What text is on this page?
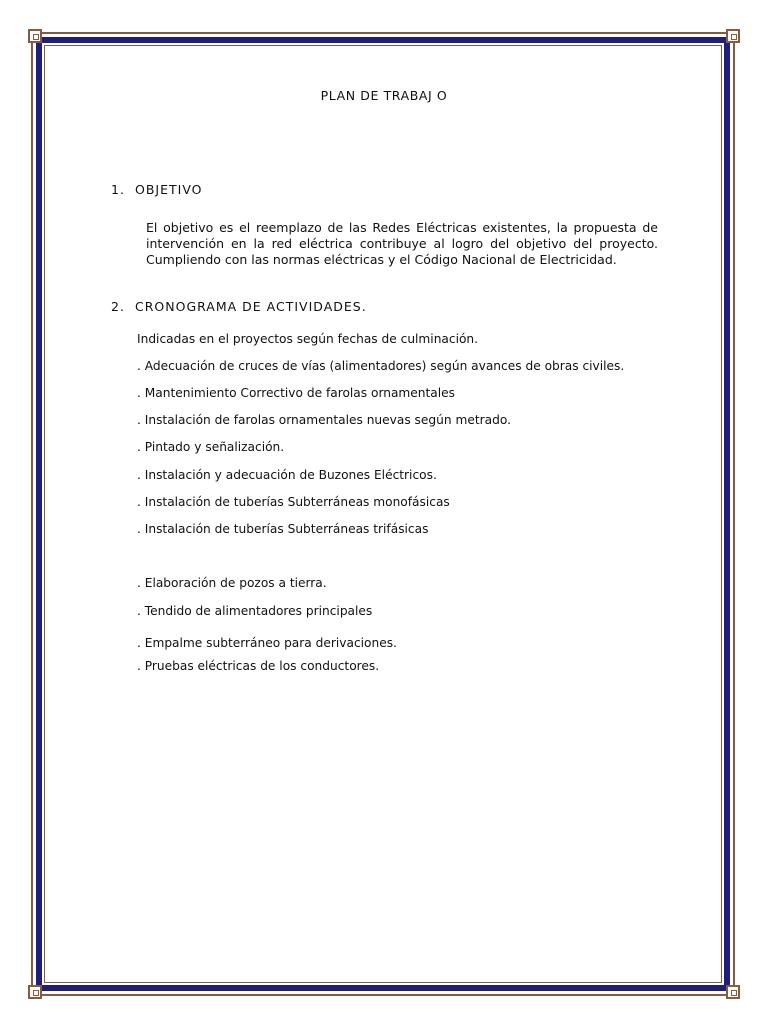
PLAN DE TRABAJ O
1. OBJETIVO
El objetivo es el reemplazo de las Redes Eléctricas existentes, la propuesta de intervención en la red eléctrica contribuye al logro del objetivo del proyecto. Cumpliendo con las normas eléctricas y el Código Nacional de Electricidad.
2. CRONOGRAMA DE ACTIVIDADES.
Indicadas en el proyectos según fechas de culminación.
. Adecuación de cruces de vías (alimentadores) según avances de obras civiles.
. Mantenimiento Correctivo de farolas ornamentales
. Instalación de farolas ornamentales nuevas según metrado.
. Pintado y señalización.
. Instalación y adecuación de Buzones Eléctricos.
. Instalación de tuberías Subterráneas monofásicas
. Instalación de tuberías Subterráneas trifásicas
. Elaboración de pozos a tierra.
. Tendido de alimentadores principales
. Empalme subterráneo para derivaciones.
. Pruebas eléctricas de los conductores.
